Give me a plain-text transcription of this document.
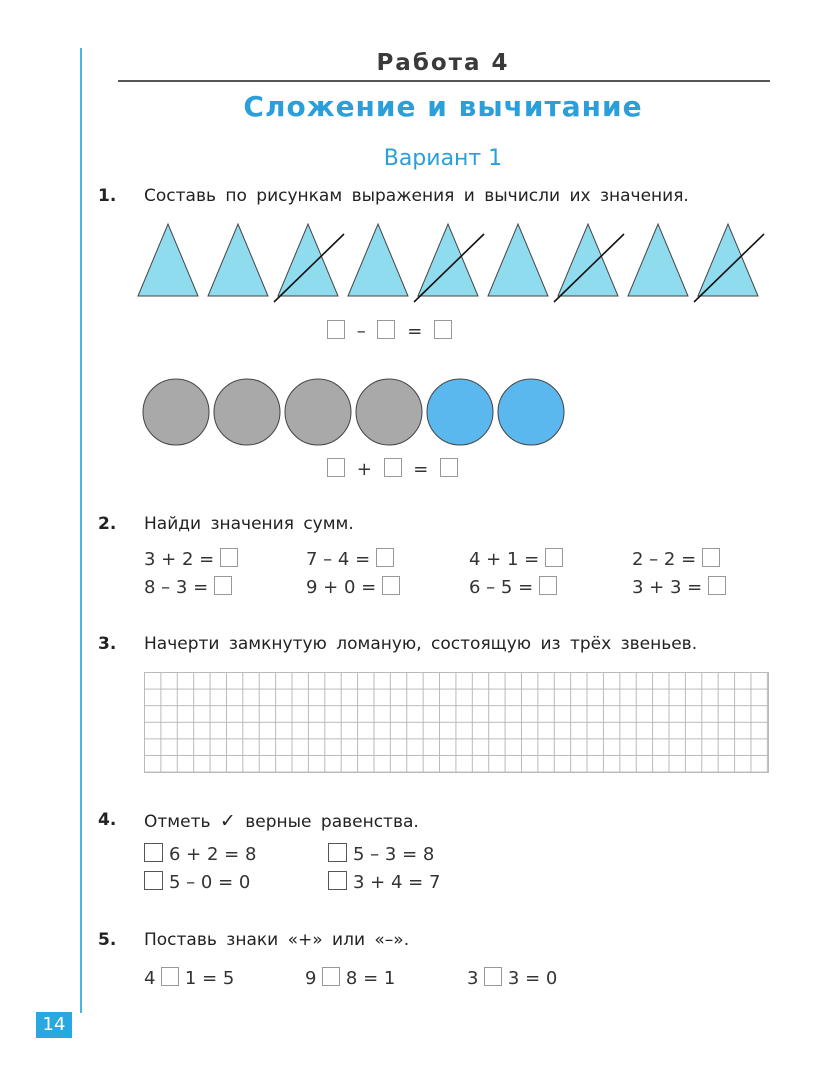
Работа 4
Сложение и вычитание
Вариант 1
1. Составь по рисункам выражения и вычисли их значения.
– =
+ =
2. Найди значения сумм.
3 + 2 =	7 – 4 =	4 + 1 =	2 – 2 =
8 – 3 =	9 + 0 =	6 – 5 =	3 + 3 =
3. Начерти замкнутую ломаную, состоящую из трёх звеньев.
4. Отметь ✓ верные равенства.
6 + 2 = 8	5 – 3 = 8
5 – 0 = 0	3 + 4 = 7
5. Поставь знаки «+» или «–».
4 1 = 5	9 8 = 1	3 3 = 0
14
